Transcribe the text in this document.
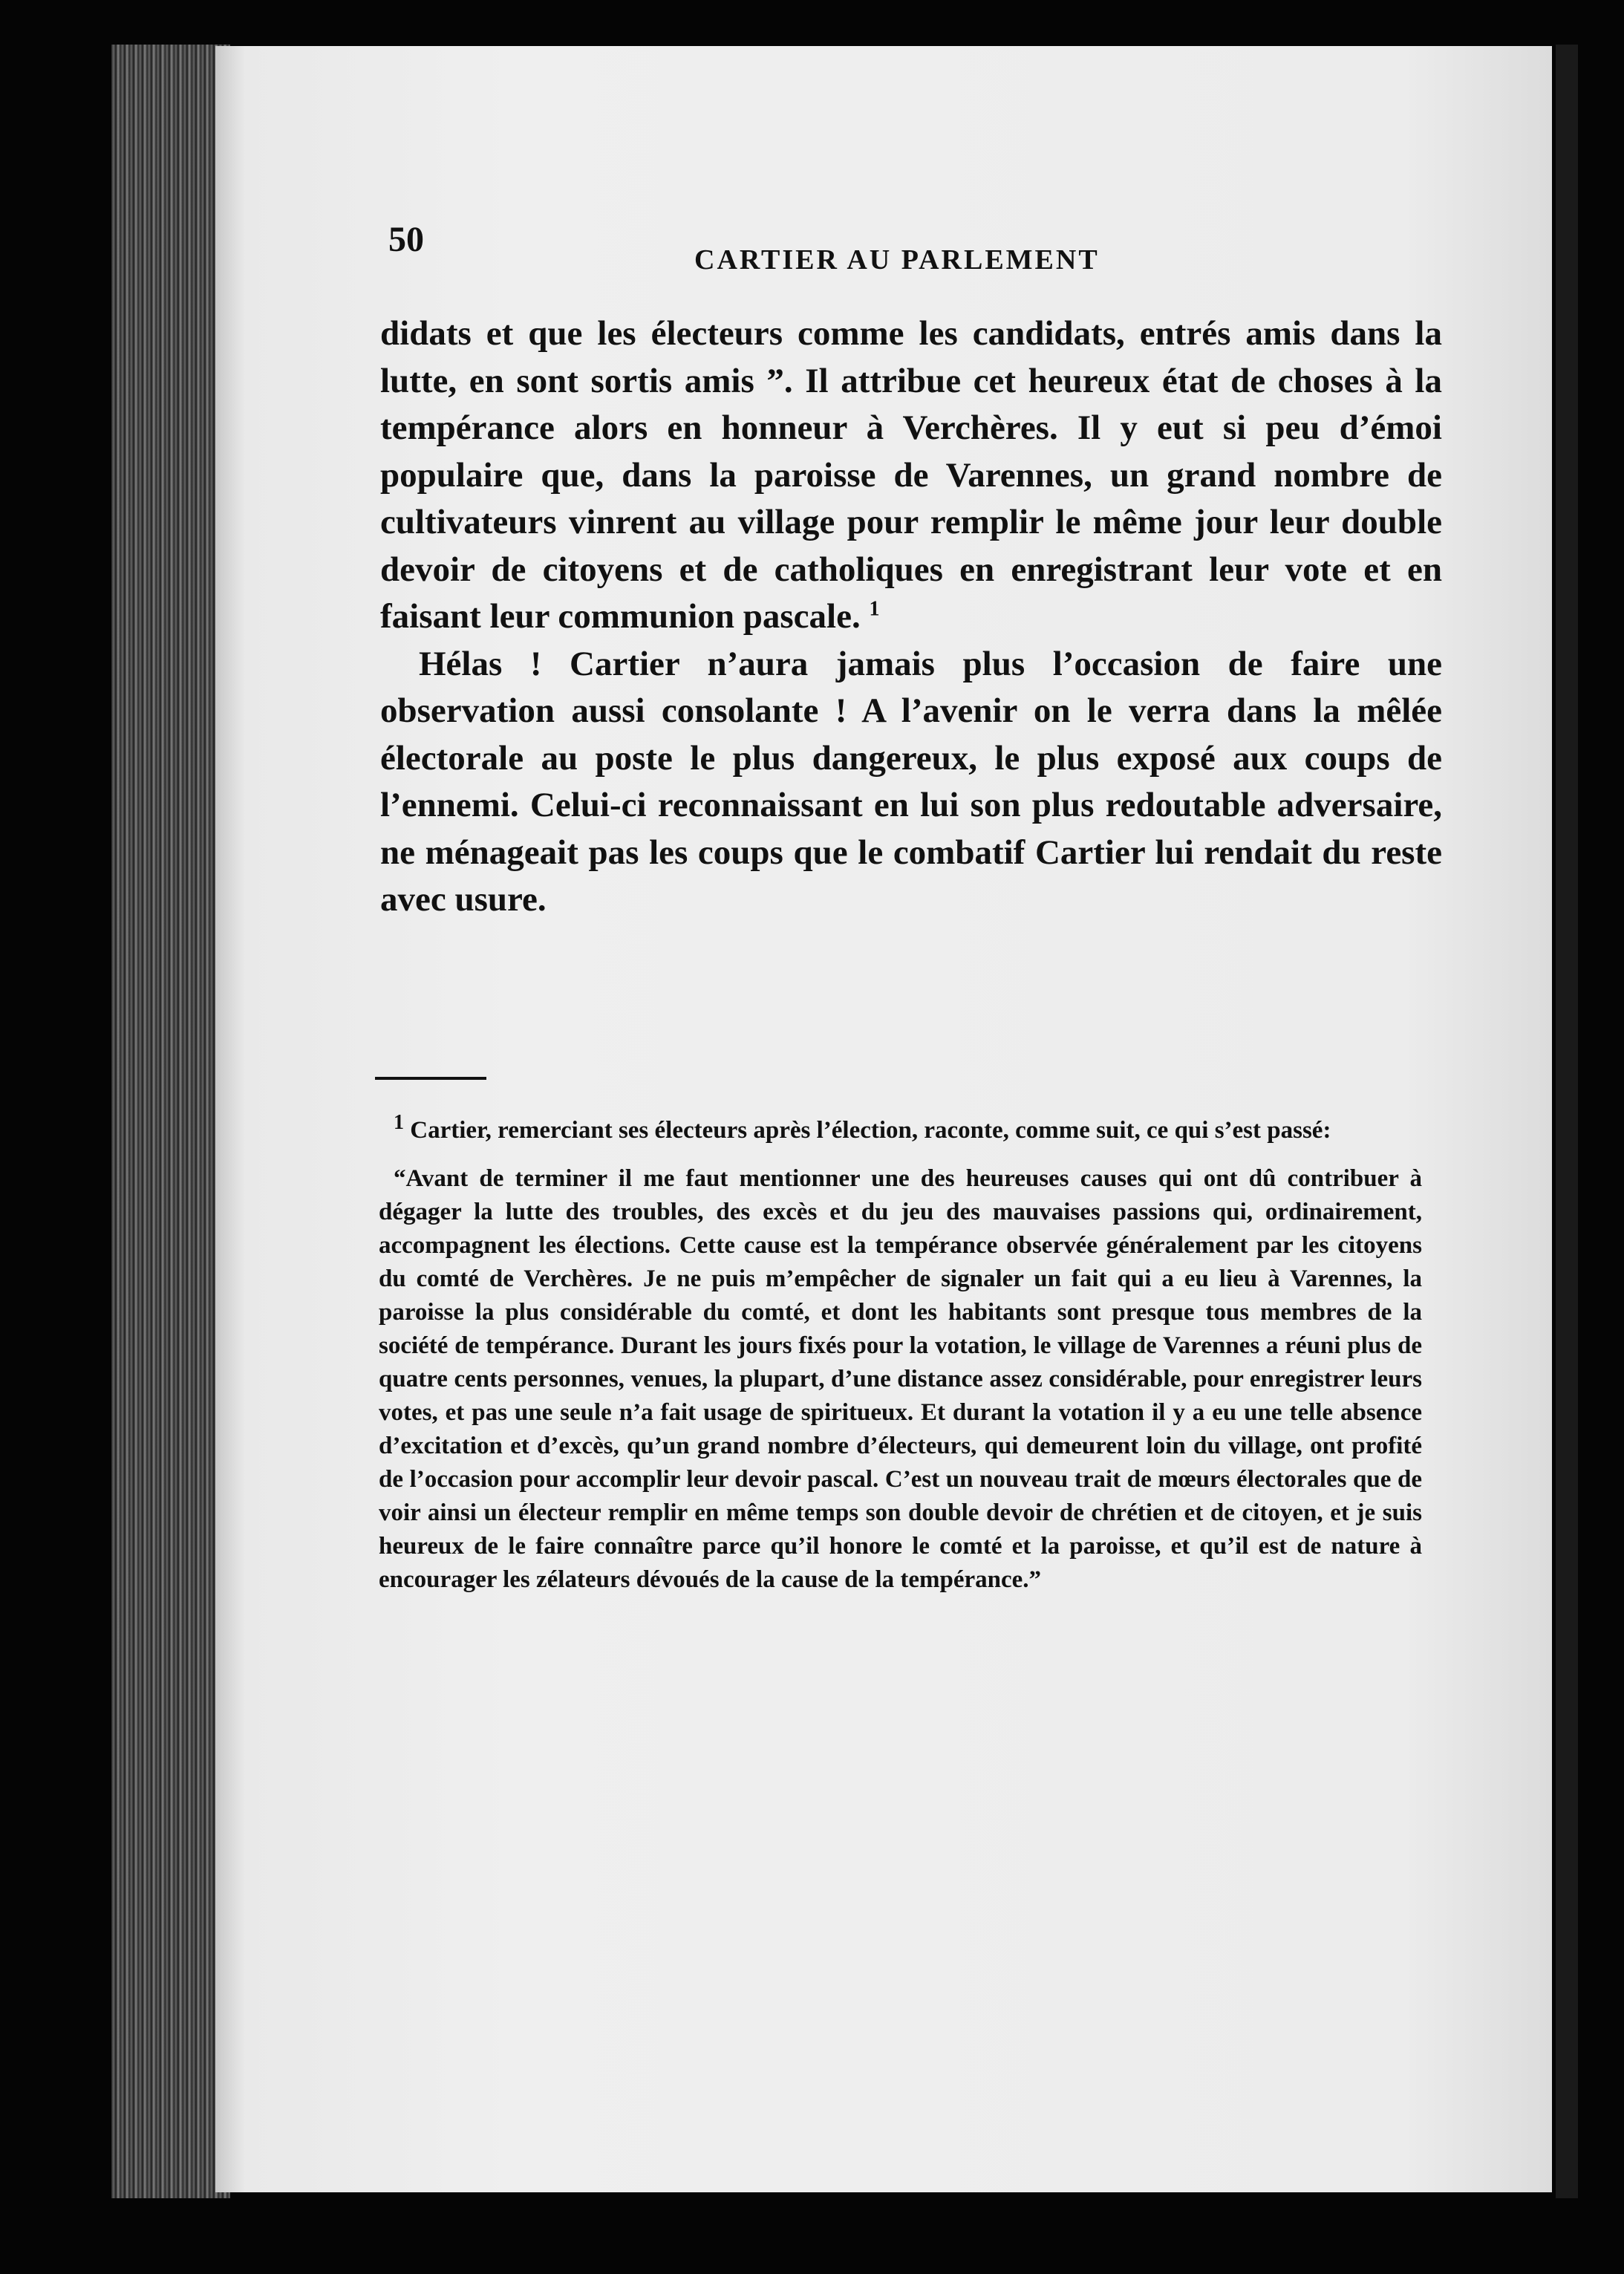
50
CARTIER AU PARLEMENT

didats et que les électeurs comme les candidats, entrés amis dans la lutte, en sont sortis amis ”. Il attribue cet heureux état de choses à la tempérance alors en honneur à Verchères. Il y eut si peu d’émoi populaire que, dans la paroisse de Varennes, un grand nombre de cultivateurs vinrent au village pour remplir le même jour leur double devoir de citoyens et de catholiques en enregistrant leur vote et en faisant leur communion pascale. $^1$

Hélas ! Cartier n’aura jamais plus l’occasion de faire une observation aussi consolante ! A l’avenir on le verra dans la mêlée électorale au poste le plus dangereux, le plus exposé aux coups de l’ennemi. Celui-ci reconnaissant en lui son plus redoutable adversaire, ne ménageait pas les coups que le combatif Cartier lui rendait du reste avec usure.

$^1$ Cartier, remerciant ses électeurs après l’élection, raconte, comme suit, ce qui s’est passé:

“Avant de terminer il me faut mentionner une des heureuses causes qui ont dû contribuer à dégager la lutte des troubles, des excès et du jeu des mauvaises passions qui, ordinairement, accompagnent les élections. Cette cause est la tempérance observée généralement par les citoyens du comté de Verchères. Je ne puis m’empêcher de signaler un fait qui a eu lieu à Varennes, la paroisse la plus considérable du comté, et dont les habitants sont presque tous membres de la société de tempérance. Durant les jours fixés pour la votation, le village de Varennes a réuni plus de quatre cents personnes, venues, la plupart, d’une distance assez considérable, pour enregistrer leurs votes, et pas une seule n’a fait usage de spiritueux. Et durant la votation il y a eu une telle absence d’excitation et d’excès, qu’un grand nombre d’électeurs, qui demeurent loin du village, ont profité de l’occasion pour accomplir leur devoir pascal. C’est un nouveau trait de mœurs électorales que de voir ainsi un électeur remplir en même temps son double devoir de chrétien et de citoyen, et je suis heureux de le faire connaître parce qu’il honore le comté et la paroisse, et qu’il est de nature à encourager les zélateurs dévoués de la cause de la tempérance.”
